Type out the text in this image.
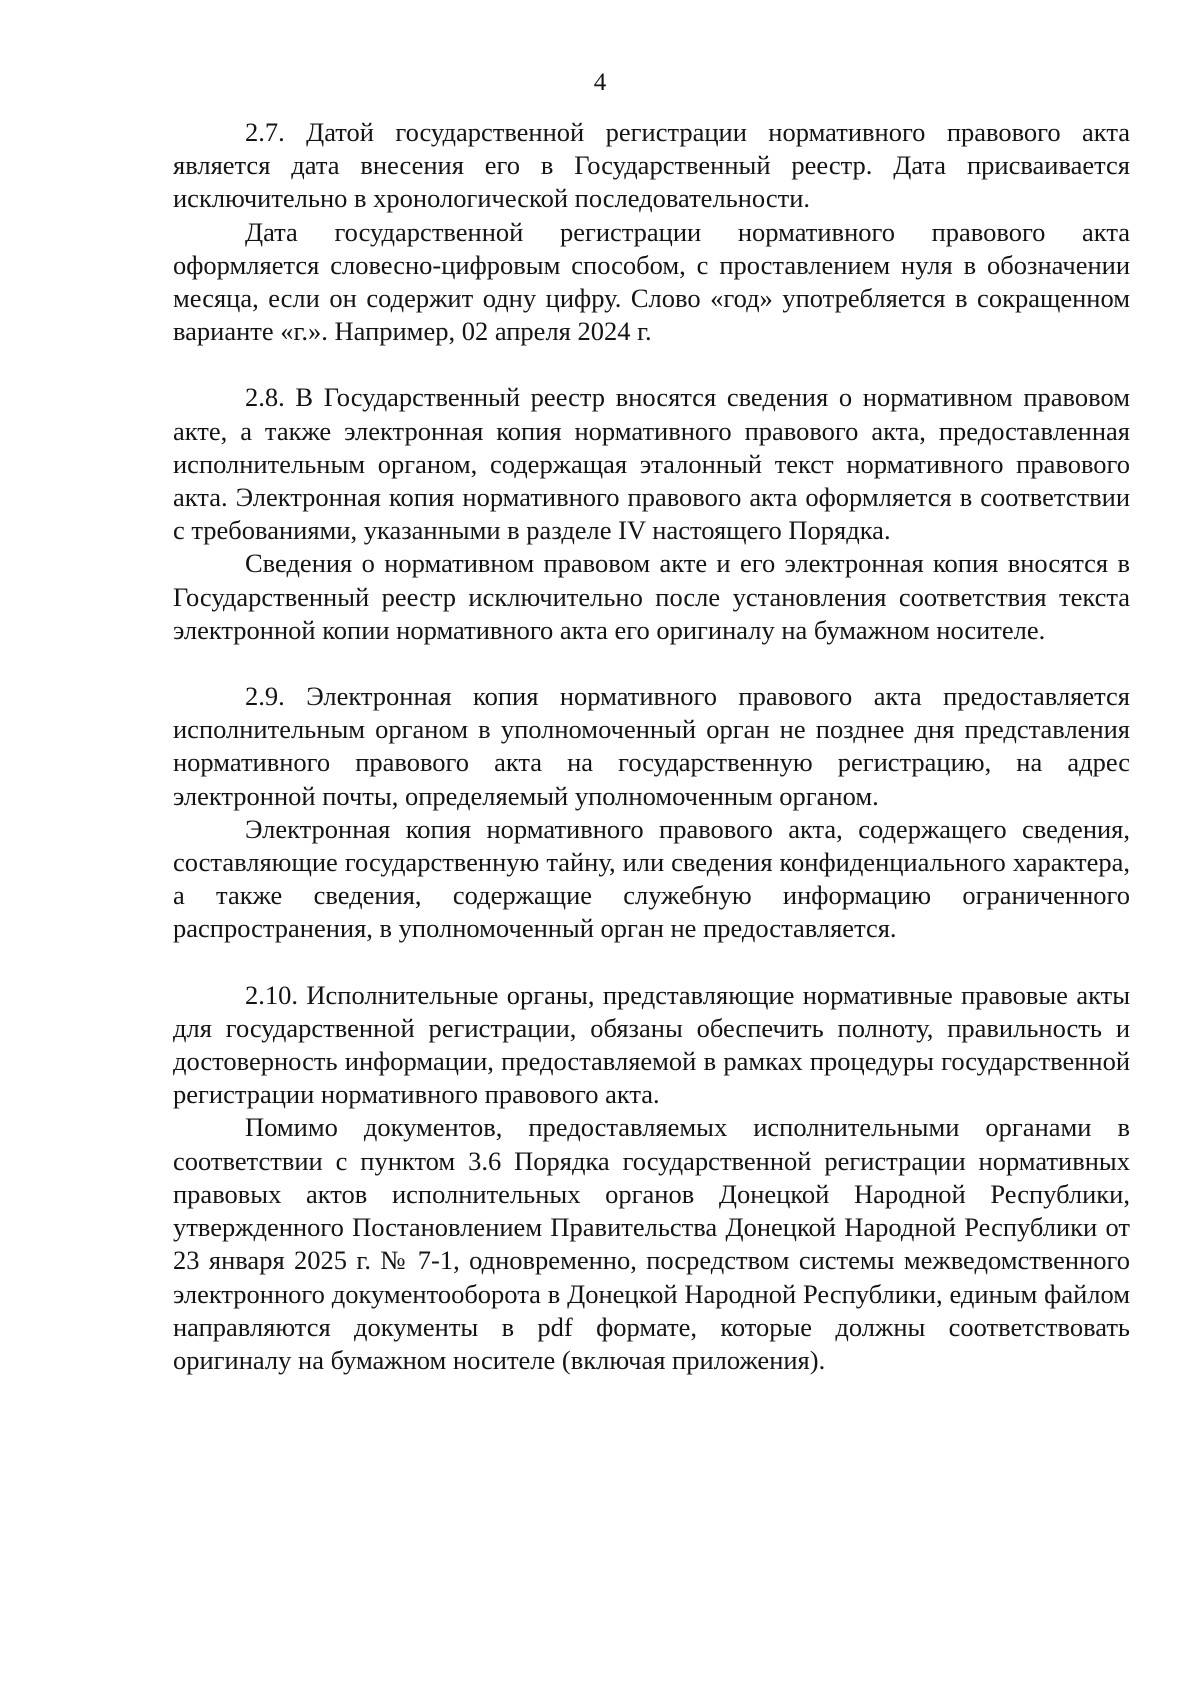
4

2.7. Датой государственной регистрации нормативного правового акта является дата внесения его в Государственный реестр. Дата присваивается исключительно в хронологической последовательности.

Дата государственной регистрации нормативного правового акта оформляется словесно-цифровым способом, с проставлением нуля в обозначении месяца, если он содержит одну цифру. Слово «год» употребляется в сокращенном варианте «г.». Например, 02 апреля 2024 г.

2.8. В Государственный реестр вносятся сведения о нормативном правовом акте, а также электронная копия нормативного правового акта, предоставленная исполнительным органом, содержащая эталонный текст нормативного правового акта. Электронная копия нормативного правового акта оформляется в соответствии с требованиями, указанными в разделе IV настоящего Порядка.

Сведения о нормативном правовом акте и его электронная копия вносятся в Государственный реестр исключительно после установления соответствия текста электронной копии нормативного акта его оригиналу на бумажном носителе.

2.9. Электронная копия нормативного правового акта предоставляется исполнительным органом в уполномоченный орган не позднее дня представления нормативного правового акта на государственную регистрацию, на адрес электронной почты, определяемый уполномоченным органом.

Электронная копия нормативного правового акта, содержащего сведения, составляющие государственную тайну, или сведения конфиденциального характера, а также сведения, содержащие служебную информацию ограниченного распространения, в уполномоченный орган не предоставляется.

2.10. Исполнительные органы, представляющие нормативные правовые акты для государственной регистрации, обязаны обеспечить полноту, правильность и достоверность информации, предоставляемой в рамках процедуры государственной регистрации нормативного правового акта.

Помимо документов, предоставляемых исполнительными органами в соответствии с пунктом 3.6 Порядка государственной регистрации нормативных правовых актов исполнительных органов Донецкой Народной Республики, утвержденного Постановлением Правительства Донецкой Народной Республики от 23 января 2025 г. № 7-1, одновременно, посредством системы межведомственного электронного документооборота в Донецкой Народной Республики, единым файлом направляются документы в pdf формате, которые должны соответствовать оригиналу на бумажном носителе (включая приложения).
